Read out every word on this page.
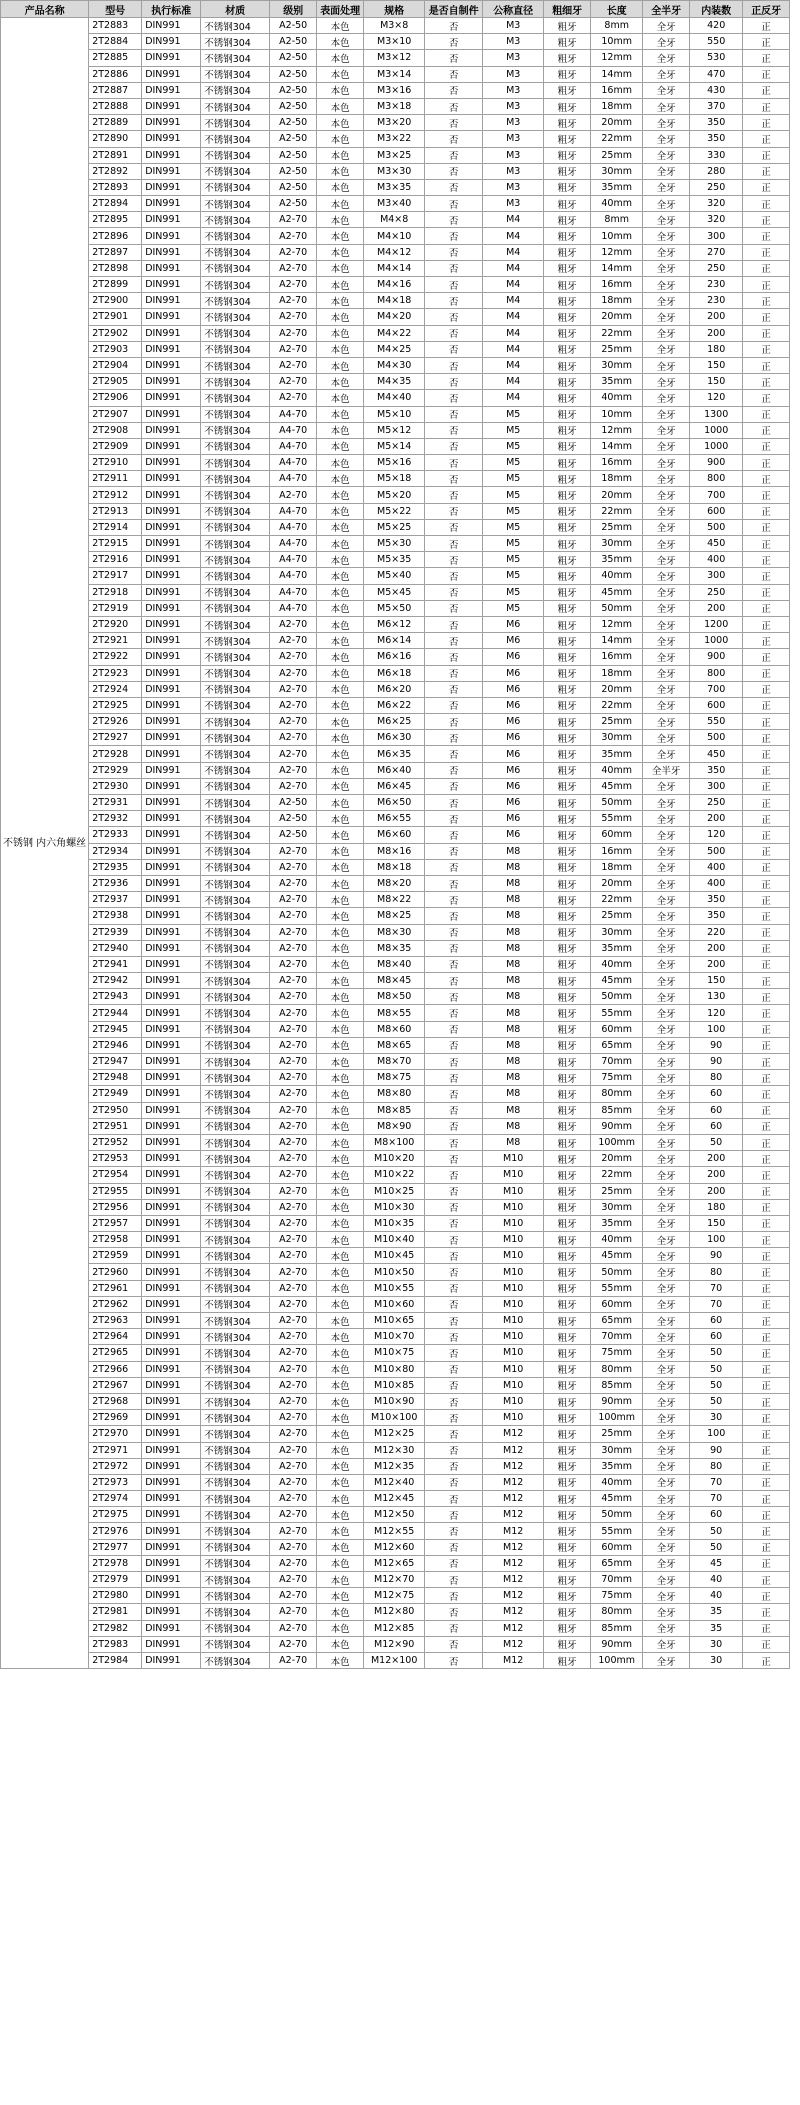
产品名称	型号	执行标准	材质	级别	表面处理	规格	是否自制件	公称直径	粗细牙	长度	全半牙	内装数	正反牙
不锈钢 内六角螺丝	2T2883	DIN991	不锈钢304	A2-50	本色	M3×8	否	M3	粗牙	8mm	全牙	420	正
	2T2884	DIN991	不锈钢304	A2-50	本色	M3×10	否	M3	粗牙	10mm	全牙	550	正
	2T2885	DIN991	不锈钢304	A2-50	本色	M3×12	否	M3	粗牙	12mm	全牙	530	正
	2T2886	DIN991	不锈钢304	A2-50	本色	M3×14	否	M3	粗牙	14mm	全牙	470	正
	2T2887	DIN991	不锈钢304	A2-50	本色	M3×16	否	M3	粗牙	16mm	全牙	430	正
	2T2888	DIN991	不锈钢304	A2-50	本色	M3×18	否	M3	粗牙	18mm	全牙	370	正
	2T2889	DIN991	不锈钢304	A2-50	本色	M3×20	否	M3	粗牙	20mm	全牙	350	正
	2T2890	DIN991	不锈钢304	A2-50	本色	M3×22	否	M3	粗牙	22mm	全牙	350	正
	2T2891	DIN991	不锈钢304	A2-50	本色	M3×25	否	M3	粗牙	25mm	全牙	330	正
	2T2892	DIN991	不锈钢304	A2-50	本色	M3×30	否	M3	粗牙	30mm	全牙	280	正
	2T2893	DIN991	不锈钢304	A2-50	本色	M3×35	否	M3	粗牙	35mm	全牙	250	正
	2T2894	DIN991	不锈钢304	A2-50	本色	M3×40	否	M3	粗牙	40mm	全牙	320	正
	2T2895	DIN991	不锈钢304	A2-70	本色	M4×8	否	M4	粗牙	8mm	全牙	320	正
	2T2896	DIN991	不锈钢304	A2-70	本色	M4×10	否	M4	粗牙	10mm	全牙	300	正
	2T2897	DIN991	不锈钢304	A2-70	本色	M4×12	否	M4	粗牙	12mm	全牙	270	正
	2T2898	DIN991	不锈钢304	A2-70	本色	M4×14	否	M4	粗牙	14mm	全牙	250	正
	2T2899	DIN991	不锈钢304	A2-70	本色	M4×16	否	M4	粗牙	16mm	全牙	230	正
	2T2900	DIN991	不锈钢304	A2-70	本色	M4×18	否	M4	粗牙	18mm	全牙	230	正
	2T2901	DIN991	不锈钢304	A2-70	本色	M4×20	否	M4	粗牙	20mm	全牙	200	正
	2T2902	DIN991	不锈钢304	A2-70	本色	M4×22	否	M4	粗牙	22mm	全牙	200	正
	2T2903	DIN991	不锈钢304	A2-70	本色	M4×25	否	M4	粗牙	25mm	全牙	180	正
	2T2904	DIN991	不锈钢304	A2-70	本色	M4×30	否	M4	粗牙	30mm	全牙	150	正
	2T2905	DIN991	不锈钢304	A2-70	本色	M4×35	否	M4	粗牙	35mm	全牙	150	正
	2T2906	DIN991	不锈钢304	A2-70	本色	M4×40	否	M4	粗牙	40mm	全牙	120	正
	2T2907	DIN991	不锈钢304	A4-70	本色	M5×10	否	M5	粗牙	10mm	全牙	1300	正
	2T2908	DIN991	不锈钢304	A4-70	本色	M5×12	否	M5	粗牙	12mm	全牙	1000	正
	2T2909	DIN991	不锈钢304	A4-70	本色	M5×14	否	M5	粗牙	14mm	全牙	1000	正
	2T2910	DIN991	不锈钢304	A4-70	本色	M5×16	否	M5	粗牙	16mm	全牙	900	正
	2T2911	DIN991	不锈钢304	A4-70	本色	M5×18	否	M5	粗牙	18mm	全牙	800	正
	2T2912	DIN991	不锈钢304	A2-70	本色	M5×20	否	M5	粗牙	20mm	全牙	700	正
	2T2913	DIN991	不锈钢304	A4-70	本色	M5×22	否	M5	粗牙	22mm	全牙	600	正
	2T2914	DIN991	不锈钢304	A4-70	本色	M5×25	否	M5	粗牙	25mm	全牙	500	正
	2T2915	DIN991	不锈钢304	A4-70	本色	M5×30	否	M5	粗牙	30mm	全牙	450	正
	2T2916	DIN991	不锈钢304	A4-70	本色	M5×35	否	M5	粗牙	35mm	全牙	400	正
	2T2917	DIN991	不锈钢304	A4-70	本色	M5×40	否	M5	粗牙	40mm	全牙	300	正
	2T2918	DIN991	不锈钢304	A4-70	本色	M5×45	否	M5	粗牙	45mm	全牙	250	正
	2T2919	DIN991	不锈钢304	A4-70	本色	M5×50	否	M5	粗牙	50mm	全牙	200	正
	2T2920	DIN991	不锈钢304	A2-70	本色	M6×12	否	M6	粗牙	12mm	全牙	1200	正
	2T2921	DIN991	不锈钢304	A2-70	本色	M6×14	否	M6	粗牙	14mm	全牙	1000	正
	2T2922	DIN991	不锈钢304	A2-70	本色	M6×16	否	M6	粗牙	16mm	全牙	900	正
	2T2923	DIN991	不锈钢304	A2-70	本色	M6×18	否	M6	粗牙	18mm	全牙	800	正
	2T2924	DIN991	不锈钢304	A2-70	本色	M6×20	否	M6	粗牙	20mm	全牙	700	正
	2T2925	DIN991	不锈钢304	A2-70	本色	M6×22	否	M6	粗牙	22mm	全牙	600	正
	2T2926	DIN991	不锈钢304	A2-70	本色	M6×25	否	M6	粗牙	25mm	全牙	550	正
	2T2927	DIN991	不锈钢304	A2-70	本色	M6×30	否	M6	粗牙	30mm	全牙	500	正
	2T2928	DIN991	不锈钢304	A2-70	本色	M6×35	否	M6	粗牙	35mm	全牙	450	正
	2T2929	DIN991	不锈钢304	A2-70	本色	M6×40	否	M6	粗牙	40mm	全半牙	350	正
	2T2930	DIN991	不锈钢304	A2-70	本色	M6×45	否	M6	粗牙	45mm	全牙	300	正
	2T2931	DIN991	不锈钢304	A2-50	本色	M6×50	否	M6	粗牙	50mm	全牙	250	正
	2T2932	DIN991	不锈钢304	A2-50	本色	M6×55	否	M6	粗牙	55mm	全牙	200	正
	2T2933	DIN991	不锈钢304	A2-50	本色	M6×60	否	M6	粗牙	60mm	全牙	120	正
	2T2934	DIN991	不锈钢304	A2-70	本色	M8×16	否	M8	粗牙	16mm	全牙	500	正
	2T2935	DIN991	不锈钢304	A2-70	本色	M8×18	否	M8	粗牙	18mm	全牙	400	正
	2T2936	DIN991	不锈钢304	A2-70	本色	M8×20	否	M8	粗牙	20mm	全牙	400	正
	2T2937	DIN991	不锈钢304	A2-70	本色	M8×22	否	M8	粗牙	22mm	全牙	350	正
	2T2938	DIN991	不锈钢304	A2-70	本色	M8×25	否	M8	粗牙	25mm	全牙	350	正
	2T2939	DIN991	不锈钢304	A2-70	本色	M8×30	否	M8	粗牙	30mm	全牙	220	正
	2T2940	DIN991	不锈钢304	A2-70	本色	M8×35	否	M8	粗牙	35mm	全牙	200	正
	2T2941	DIN991	不锈钢304	A2-70	本色	M8×40	否	M8	粗牙	40mm	全牙	200	正
	2T2942	DIN991	不锈钢304	A2-70	本色	M8×45	否	M8	粗牙	45mm	全牙	150	正
	2T2943	DIN991	不锈钢304	A2-70	本色	M8×50	否	M8	粗牙	50mm	全牙	130	正
	2T2944	DIN991	不锈钢304	A2-70	本色	M8×55	否	M8	粗牙	55mm	全牙	120	正
	2T2945	DIN991	不锈钢304	A2-70	本色	M8×60	否	M8	粗牙	60mm	全牙	100	正
	2T2946	DIN991	不锈钢304	A2-70	本色	M8×65	否	M8	粗牙	65mm	全牙	90	正
	2T2947	DIN991	不锈钢304	A2-70	本色	M8×70	否	M8	粗牙	70mm	全牙	90	正
	2T2948	DIN991	不锈钢304	A2-70	本色	M8×75	否	M8	粗牙	75mm	全牙	80	正
	2T2949	DIN991	不锈钢304	A2-70	本色	M8×80	否	M8	粗牙	80mm	全牙	60	正
	2T2950	DIN991	不锈钢304	A2-70	本色	M8×85	否	M8	粗牙	85mm	全牙	60	正
	2T2951	DIN991	不锈钢304	A2-70	本色	M8×90	否	M8	粗牙	90mm	全牙	60	正
	2T2952	DIN991	不锈钢304	A2-70	本色	M8×100	否	M8	粗牙	100mm	全牙	50	正
	2T2953	DIN991	不锈钢304	A2-70	本色	M10×20	否	M10	粗牙	20mm	全牙	200	正
	2T2954	DIN991	不锈钢304	A2-70	本色	M10×22	否	M10	粗牙	22mm	全牙	200	正
	2T2955	DIN991	不锈钢304	A2-70	本色	M10×25	否	M10	粗牙	25mm	全牙	200	正
	2T2956	DIN991	不锈钢304	A2-70	本色	M10×30	否	M10	粗牙	30mm	全牙	180	正
	2T2957	DIN991	不锈钢304	A2-70	本色	M10×35	否	M10	粗牙	35mm	全牙	150	正
	2T2958	DIN991	不锈钢304	A2-70	本色	M10×40	否	M10	粗牙	40mm	全牙	100	正
	2T2959	DIN991	不锈钢304	A2-70	本色	M10×45	否	M10	粗牙	45mm	全牙	90	正
	2T2960	DIN991	不锈钢304	A2-70	本色	M10×50	否	M10	粗牙	50mm	全牙	80	正
	2T2961	DIN991	不锈钢304	A2-70	本色	M10×55	否	M10	粗牙	55mm	全牙	70	正
	2T2962	DIN991	不锈钢304	A2-70	本色	M10×60	否	M10	粗牙	60mm	全牙	70	正
	2T2963	DIN991	不锈钢304	A2-70	本色	M10×65	否	M10	粗牙	65mm	全牙	60	正
	2T2964	DIN991	不锈钢304	A2-70	本色	M10×70	否	M10	粗牙	70mm	全牙	60	正
	2T2965	DIN991	不锈钢304	A2-70	本色	M10×75	否	M10	粗牙	75mm	全牙	50	正
	2T2966	DIN991	不锈钢304	A2-70	本色	M10×80	否	M10	粗牙	80mm	全牙	50	正
	2T2967	DIN991	不锈钢304	A2-70	本色	M10×85	否	M10	粗牙	85mm	全牙	50	正
	2T2968	DIN991	不锈钢304	A2-70	本色	M10×90	否	M10	粗牙	90mm	全牙	50	正
	2T2969	DIN991	不锈钢304	A2-70	本色	M10×100	否	M10	粗牙	100mm	全牙	30	正
	2T2970	DIN991	不锈钢304	A2-70	本色	M12×25	否	M12	粗牙	25mm	全牙	100	正
	2T2971	DIN991	不锈钢304	A2-70	本色	M12×30	否	M12	粗牙	30mm	全牙	90	正
	2T2972	DIN991	不锈钢304	A2-70	本色	M12×35	否	M12	粗牙	35mm	全牙	80	正
	2T2973	DIN991	不锈钢304	A2-70	本色	M12×40	否	M12	粗牙	40mm	全牙	70	正
	2T2974	DIN991	不锈钢304	A2-70	本色	M12×45	否	M12	粗牙	45mm	全牙	70	正
	2T2975	DIN991	不锈钢304	A2-70	本色	M12×50	否	M12	粗牙	50mm	全牙	60	正
	2T2976	DIN991	不锈钢304	A2-70	本色	M12×55	否	M12	粗牙	55mm	全牙	50	正
	2T2977	DIN991	不锈钢304	A2-70	本色	M12×60	否	M12	粗牙	60mm	全牙	50	正
	2T2978	DIN991	不锈钢304	A2-70	本色	M12×65	否	M12	粗牙	65mm	全牙	45	正
	2T2979	DIN991	不锈钢304	A2-70	本色	M12×70	否	M12	粗牙	70mm	全牙	40	正
	2T2980	DIN991	不锈钢304	A2-70	本色	M12×75	否	M12	粗牙	75mm	全牙	40	正
	2T2981	DIN991	不锈钢304	A2-70	本色	M12×80	否	M12	粗牙	80mm	全牙	35	正
	2T2982	DIN991	不锈钢304	A2-70	本色	M12×85	否	M12	粗牙	85mm	全牙	35	正
	2T2983	DIN991	不锈钢304	A2-70	本色	M12×90	否	M12	粗牙	90mm	全牙	30	正
	2T2984	DIN991	不锈钢304	A2-70	本色	M12×100	否	M12	粗牙	100mm	全牙	30	正
